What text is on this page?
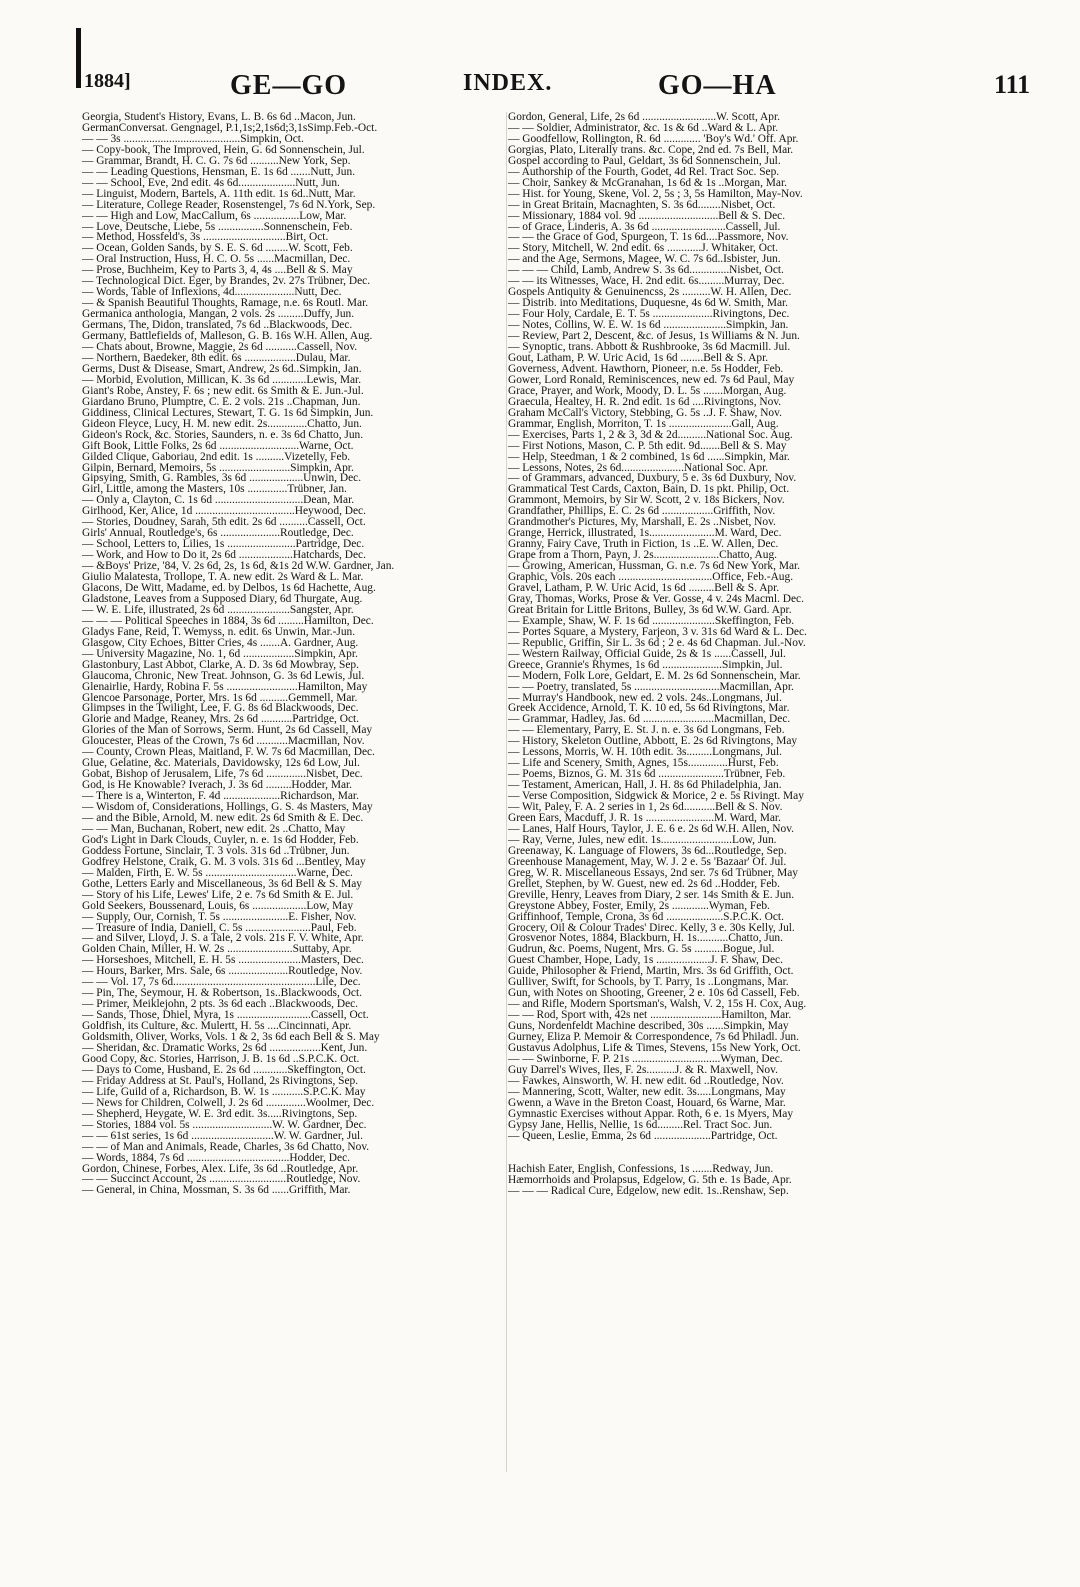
1884]	GE—GO	INDEX.	GO—HA	111
Georgia, Student's History, Evans, L. B. 6s 6d ..Macon, Jun.
GermanConversat. Gengnagel, P.1,1s;2,1s6d;3,1sSimp.Feb.-Oct.
— — 3s .........................................Simpkin, Oct.
— Copy-book, The Improved, Hein, G. 6d Sonnenschein, Jul.
— Grammar, Brandt, H. C. G. 7s 6d ..........New York, Sep.
— — Leading Questions, Hensman, E. 1s 6d .......Nutt, Jun.
— — School, Eve, 2nd edit. 4s 6d....................Nutt, Jun.
— Linguist, Modern, Bartels, A. 11th edit. 1s 6d..Nutt, Mar.
— Literature, College Reader, Rosenstengel, 7s 6d N.York, Sep.
— — High and Low, MacCallum, 6s ................Low, Mar.
— Love, Deutsche, Liebe, 5s ................Sonnenschein, Feb.
— Method, Hossfeld's, 3s .............................Birt, Oct.
— Ocean, Golden Sands, by S. E. S. 6d ........W. Scott, Feb.
— Oral Instruction, Huss, H. C. O. 5s ......Macmillan, Dec.
— Prose, Buchheim, Key to Parts 3, 4, 4s ....Bell & S. May
— Technological Dict. Eger, by Brandes, 2v. 27s Trübner, Dec.
— Words, Table of Inflexions, 4d.....................Nutt, Dec.
— & Spanish Beautiful Thoughts, Ramage, n.e. 6s Routl. Mar.
Germanica anthologia, Mangan, 2 vols. 2s .........Duffy, Jun.
Germans, The, Didon, translated, 7s 6d ..Blackwoods, Dec.
Germany, Battlefields of, Malleson, G. B. 16s W.H. Allen, Aug.
— Chats about, Browne, Maggie, 2s 6d ...........Cassell, Nov.
— Northern, Baedeker, 8th edit. 6s ..................Dulau, Mar.
Germs, Dust & Disease, Smart, Andrew, 2s 6d..Simpkin, Jan.
— Morbid, Evolution, Millican, K. 3s 6d ............Lewis, Mar.
Giant's Robe, Anstey, F. 6s ; new edit. 6s Smith & E. Jun.-Jul.
Giardano Bruno, Plumptre, C. E. 2 vols. 21s ..Chapman, Jun.
Giddiness, Clinical Lectures, Stewart, T. G. 1s 6d Simpkin, Jun.
Gideon Fleyce, Lucy, H. M. new edit. 2s..............Chatto, Jun.
Gideon's Rock, &c. Stories, Saunders, n. e. 3s 6d Chatto, Jun.
Gift Book, Little Folks, 2s 6d ............................Warne, Oct.
Gilded Clique, Gaboriau, 2nd edit. 1s ..........Vizetelly, Feb.
Gilpin, Bernard, Memoirs, 5s .........................Simpkin, Apr.
Gipsying, Smith, G. Rambles, 3s 6d ...................Unwin, Dec.
Girl, Little, among the Masters, 10s ..............Trübner, Jan.
— Only a, Clayton, C. 1s 6d ...............................Dean, Mar.
Girlhood, Ker, Alice, 1d ...................................Heywood, Dec.
— Stories, Doudney, Sarah, 5th edit. 2s 6d ..........Cassell, Oct.
Girls' Annual, Routledge's, 6s .....................Routledge, Dec.
— School, Letters to, Lilies, 1s ........................Partridge, Dec.
— Work, and How to Do it, 2s 6d ...................Hatchards, Dec.
— &Boys' Prize, '84, V. 2s 6d, 2s, 1s 6d, &1s 2d W.W. Gardner, Jan.
Giulio Malatesta, Trollope, T. A. new edit. 2s Ward & L. Mar.
Glacons, De Witt, Madame, ed. by Delbos, 1s 6d Hachette, Aug.
Gladstone, Leaves from a Supposed Diary, 6d Thurgate, Aug.
— W. E. Life, illustrated, 2s 6d ......................Sangster, Apr.
— — — Political Speeches in 1884, 3s 6d .........Hamilton, Dec.
Gladys Fane, Reid, T. Wemyss, n. edit. 6s Unwin, Mar.-Jun.
Glasgow, City Echoes, Bitter Cries, 4s .......A. Gardner, Aug.
— University Magazine, No. 1, 6d ..................Simpkin, Apr.
Glastonbury, Last Abbot, Clarke, A. D. 3s 6d Mowbray, Sep.
Glaucoma, Chronic, New Treat. Johnson, G. 3s 6d Lewis, Jul.
Glenairlie, Hardy, Robina F. 5s .........................Hamilton, May
Glencoe Parsonage, Porter, Mrs. 1s 6d ..........Gemmell, Mar.
Glimpses in the Twilight, Lee, F. G. 8s 6d Blackwoods, Dec.
Glorie and Madge, Reaney, Mrs. 2s 6d ...........Partridge, Oct.
Glories of the Man of Sorrows, Serm. Hunt, 2s 6d Cassell, May
Gloucester, Pleas of the Crown, 7s 6d ...........Macmillan, Nov.
— County, Crown Pleas, Maitland, F. W. 7s 6d Macmillan, Dec.
Glue, Gelatine, &c. Materials, Davidowsky, 12s 6d Low, Jul.
Gobat, Bishop of Jerusalem, Life, 7s 6d ..............Nisbet, Dec.
God, is He Knowable? Iverach, J. 3s 6d .........Hodder, Mar.
— There is a, Winterton, F. 4d ....................Richardson, Mar.
— Wisdom of, Considerations, Hollings, G. S. 4s Masters, May
— and the Bible, Arnold, M. new edit. 2s 6d Smith & E. Dec.
— — Man, Buchanan, Robert, new edit. 2s ..Chatto, May
God's Light in Dark Clouds, Cuyler, n. e. 1s 6d Hodder, Feb.
Goddess Fortune, Sinclair, T. 3 vols. 31s 6d ..Trübner, Jun.
Godfrey Helstone, Craik, G. M. 3 vols. 31s 6d ...Bentley, May
— Malden, Firth, E. W. 5s ................................Warne, Dec.
Gothe, Letters Early and Miscellaneous, 3s 6d Bell & S. May
— Story of his Life, Lewes' Life, 2 e. 7s 6d Smith & E. Jul.
Gold Seekers, Boussenard, Louis, 6s ...................Low, May
— Supply, Our, Cornish, T. 5s .......................E. Fisher, Nov.
— Treasure of India, Daniell, C. 5s .......................Paul, Feb.
— and Silver, Lloyd, J. S. a Tale, 2 vols. 21s F. V. White, Apr.
Golden Chain, Miller, H. W. 2s .......................Suttaby, Apr.
— Horseshoes, Mitchell, E. H. 5s ......................Masters, Dec.
— Hours, Barker, Mrs. Sale, 6s .....................Routledge, Nov.
— — Vol. 17, 7s 6d..................................................Lile, Dec.
— Pin, The, Seymour, H. & Robertson, 1s..Blackwoods, Oct.
— Primer, Meiklejohn, 2 pts. 3s 6d each ..Blackwoods, Dec.
— Sands, Those, Dhiel, Myra, 1s ..........................Cassell, Oct.
Goldfish, its Culture, &c. Mulertt, H. 5s ....Cincinnati, Apr.
Goldsmith, Oliver, Works, Vols. 1 & 2, 3s 6d each Bell & S. May
— Sheridan, &c. Dramatic Works, 2s 6d ..................Kent, Jun.
Good Copy, &c. Stories, Harrison, J. B. 1s 6d ..S.P.C.K. Oct.
— Days to Come, Husband, E. 2s 6d ............Skeffington, Oct.
— Friday Address at St. Paul's, Holland, 2s Rivingtons, Sep.
— Life, Guild of a, Richardson, B. W. 1s ...........S.P.C.K. May
— News for Children, Colwell, J. 2s 6d ..............Woolmer, Dec.
— Shepherd, Heygate, W. E. 3rd edit. 3s.....Rivingtons, Sep.
— Stories, 1884 vol. 5s ............................W. W. Gardner, Dec.
— — 61st series, 1s 6d .............................W. W. Gardner, Jul.
— — of Man and Animals, Reade, Charles, 3s 6d Chatto, Nov.
— Words, 1884, 7s 6d ....................................Hodder, Dec.
Gordon, Chinese, Forbes, Alex. Life, 3s 6d ..Routledge, Apr.
— — Succinct Account, 2s ...........................Routledge, Nov.
— General, in China, Mossman, S. 3s 6d ......Griffith, Mar.
Gordon, General, Life, 2s 6d ..........................W. Scott, Apr.
— — Soldier, Administrator, &c. 1s & 6d ..Ward & L. Apr.
— Goodfellow, Rollington, R. 6d ............. 'Boy's Wd.' Off. Apr.
Gorgias, Plato, Literally trans. &c. Cope, 2nd ed. 7s Bell, Mar.
Gospel according to Paul, Geldart, 3s 6d Sonnenschein, Jul.
— Authorship of the Fourth, Godet, 4d Rel. Tract Soc. Sep.
— Choir, Sankey & McGranahan, 1s 6d & 1s ..Morgan, Mar.
— Hist. for Young, Skene, Vol. 2, 5s ; 3, 5s Hamilton, May-Nov.
— in Great Britain, Macnaghten, S. 3s 6d........Nisbet, Oct.
— Missionary, 1884 vol. 9d ............................Bell & S. Dec.
— of Grace, Linderis, A. 3s 6d ..........................Cassell, Jul.
— — the Grace of God, Spurgeon, T. 1s 6d....Passmore, Nov.
— Story, Mitchell, W. 2nd edit. 6s ............J. Whitaker, Oct.
— and the Age, Sermons, Magee, W. C. 7s 6d..Isbister, Jun.
— — — Child, Lamb, Andrew S. 3s 6d..............Nisbet, Oct.
— — its Witnesses, Wace, H. 2nd edit. 6s.........Murray, Dec.
Gospels Antiquity & Genuinencss, 2s ..........W. H. Allen, Dec.
— Distrib. into Meditations, Duquesne, 4s 6d W. Smith, Mar.
— Four Holy, Cardale, E. T. 5s .....................Rivingtons, Dec.
— Notes, Collins, W. E. W. 1s 6d ......................Simpkin, Jan.
— Review, Part 2, Descent, &c. of Jesus, 1s Williams & N. Jun.
— Synoptic, trans. Abbott & Rushbrooke, 3s 6d Macmill. Jul.
Gout, Latham, P. W. Uric Acid, 1s 6d ........Bell & S. Apr.
Governess, Advent. Hawthorn, Pioneer, n.e. 5s Hodder, Feb.
Gower, Lord Ronald, Reminiscences, new ed. 7s 6d Paul, May
Grace, Prayer, and Work, Moody, D. L. 5s .......Morgan, Aug.
Graecula, Healtey, H. R. 2nd edit. 1s 6d ....Rivingtons, Nov.
Graham McCall's Victory, Stebbing, G. 5s ..J. F. Shaw, Nov.
Grammar, English, Morriton, T. 1s ......................Gall, Aug.
— Exercises, Parts 1, 2 & 3, 3d & 2d..........National Soc. Aug.
— First Notions, Mason, C. P. 5th edit. 9d.......Bell & S. May
— Help, Steedman, 1 & 2 combined, 1s 6d ......Simpkin, Mar.
— Lessons, Notes, 2s 6d......................National Soc. Apr.
— of Grammars, advanced, Duxbury, 5 e. 3s 6d Duxbury, Nov.
Grammatical Test Cards, Caxton, Bain, D. 1s pkt. Philip, Oct.
Grammont, Memoirs, by Sir W. Scott, 2 v. 18s Bickers, Nov.
Grandfather, Phillips, E. C. 2s 6d ..................Griffith, Nov.
Grandmother's Pictures, My, Marshall, E. 2s ..Nisbet, Nov.
Grange, Herrick, illustrated, 1s.......................M. Ward, Dec.
Granny, Fairy Cave, Truth in Fiction, 1s ..E. W. Allen, Dec.
Grape from a Thorn, Payn, J. 2s.......................Chatto, Aug.
— Growing, American, Hussman, G. n.e. 7s 6d New York, Mar.
Graphic, Vols. 20s each .................................Office, Feb.-Aug.
Gravel, Latham, P. W. Uric Acid, 1s 6d .........Bell & S. Apr.
Gray, Thomas, Works, Prose & Ver. Gosse, 4 v. 24s Macml. Dec.
Great Britain for Little Britons, Bulley, 3s 6d W.W. Gard. Apr.
— Example, Shaw, W. F. 1s 6d ......................Skeffington, Feb.
— Portes Square, a Mystery, Farjeon, 3 v. 31s 6d Ward & L. Dec.
— Republic, Griffin, Sir L. 3s 6d ; 2 e. 4s 6d Chapman. Jul.-Nov.
— Western Railway, Official Guide, 2s & 1s ......Cassell, Jul.
Greece, Grannie's Rhymes, 1s 6d .....................Simpkin, Jul.
— Modern, Folk Lore, Geldart, E. M. 2s 6d Sonnenschein, Mar.
— — Poetry, translated, 5s ..............................Macmillan, Apr.
— Murray's Handbook, new ed. 2 vols. 24s..Longmans, Jul.
Greek Accidence, Arnold, T. K. 10 ed, 5s 6d Rivingtons, Mar.
— Grammar, Hadley, Jas. 6d .........................Macmillan, Dec.
— — Elementary, Parry, E. St. J. n. e. 3s 6d Longmans, Feb.
— History, Skeleton Outline, Abbott, E. 2s 6d Rivingtons, May
— Lessons, Morris, W. H. 10th edit. 3s.........Longmans, Jul.
— Life and Scenery, Smith, Agnes, 15s..............Hurst, Feb.
— Poems, Biznos, G. M. 31s 6d .......................Trübner, Feb.
— Testament, American, Hall, J. H. 8s 6d Philadelphia, Jan.
— Verse Composition, Sidgwick & Morice, 2 e. 5s Rivingt. May
— Wit, Paley, F. A. 2 series in 1, 2s 6d...........Bell & S. Nov.
Green Ears, Macduff, J. R. 1s ........................M. Ward, Mar.
— Lanes, Half Hours, Taylor, J. E. 6 e. 2s 6d W.H. Allen, Nov.
— Ray, Verne, Jules, new edit. 1s.........................Low, Jun.
Greenaway, K. Language of Flowers, 3s 6d...Routledge, Sep.
Greenhouse Management, May, W. J. 2 e. 5s 'Bazaar' Of. Jul.
Greg, W. R. Miscellaneous Essays, 2nd ser. 7s 6d Trübner, May
Grellet, Stephen, by W. Guest, new ed. 2s 6d ..Hodder, Feb.
Greville, Henry, Leaves from Diary, 2 ser. 14s Smith & E. Jun.
Greystone Abbey, Foster, Emily, 2s .............Wyman, Feb.
Griffinhoof, Temple, Crona, 3s 6d ....................S.P.C.K. Oct.
Grocery, Oil & Colour Trades' Direc. Kelly, 3 e. 30s Kelly, Jul.
Grosvenor Notes, 1884, Blackburn, H. 1s...........Chatto, Jun.
Gudrun, &c. Poems, Nugent, Mrs. G. 5s ..........Bogue, Jul.
Guest Chamber, Hope, Lady, 1s ...................J. F. Shaw, Dec.
Guide, Philosopher & Friend, Martin, Mrs. 3s 6d Griffith, Oct.
Gulliver, Swift, for Schools, by T. Parry, 1s ..Longmans, Mar.
Gun, with Notes on Shooting, Greener, 2 e. 10s 6d Cassell, Feb.
— and Rifle, Modern Sportsman's, Walsh, V. 2, 15s H. Cox, Aug.
— — Rod, Sport with, 42s net .........................Hamilton, Mar.
Guns, Nordenfeldt Machine described, 30s ......Simpkin, May
Gurney, Eliza P. Memoir & Correspondence, 7s 6d Philadl. Jun.
Gustavus Adolphus, Life & Times, Stevens, 15s New York, Oct.
— — Swinborne, F. P. 21s ...............................Wyman, Dec.
Guy Darrel's Wives, Iles, F. 2s..........J. & R. Maxwell, Nov.
— Fawkes, Ainsworth, W. H. new edit. 6d ..Routledge, Nov.
— Mannering, Scott, Walter, new edit. 3s.....Longmans, May
Gwenn, a Wave in the Breton Coast, Houard, 6s Warne, Mar.
Gymnastic Exercises without Appar. Roth, 6 e. 1s Myers, May
Gypsy Jane, Hellis, Nellie, 1s 6d.........Rel. Tract Soc. Jun.
— Queen, Leslie, Emma, 2s 6d ....................Partridge, Oct.
Hachish Eater, English, Confessions, 1s .......Redway, Jun.
Hæmorrhoids and Prolapsus, Edgelow, G. 5th e. 1s Bade, Apr.
— — — Radical Cure, Edgelow, new edit. 1s..Renshaw, Sep.
